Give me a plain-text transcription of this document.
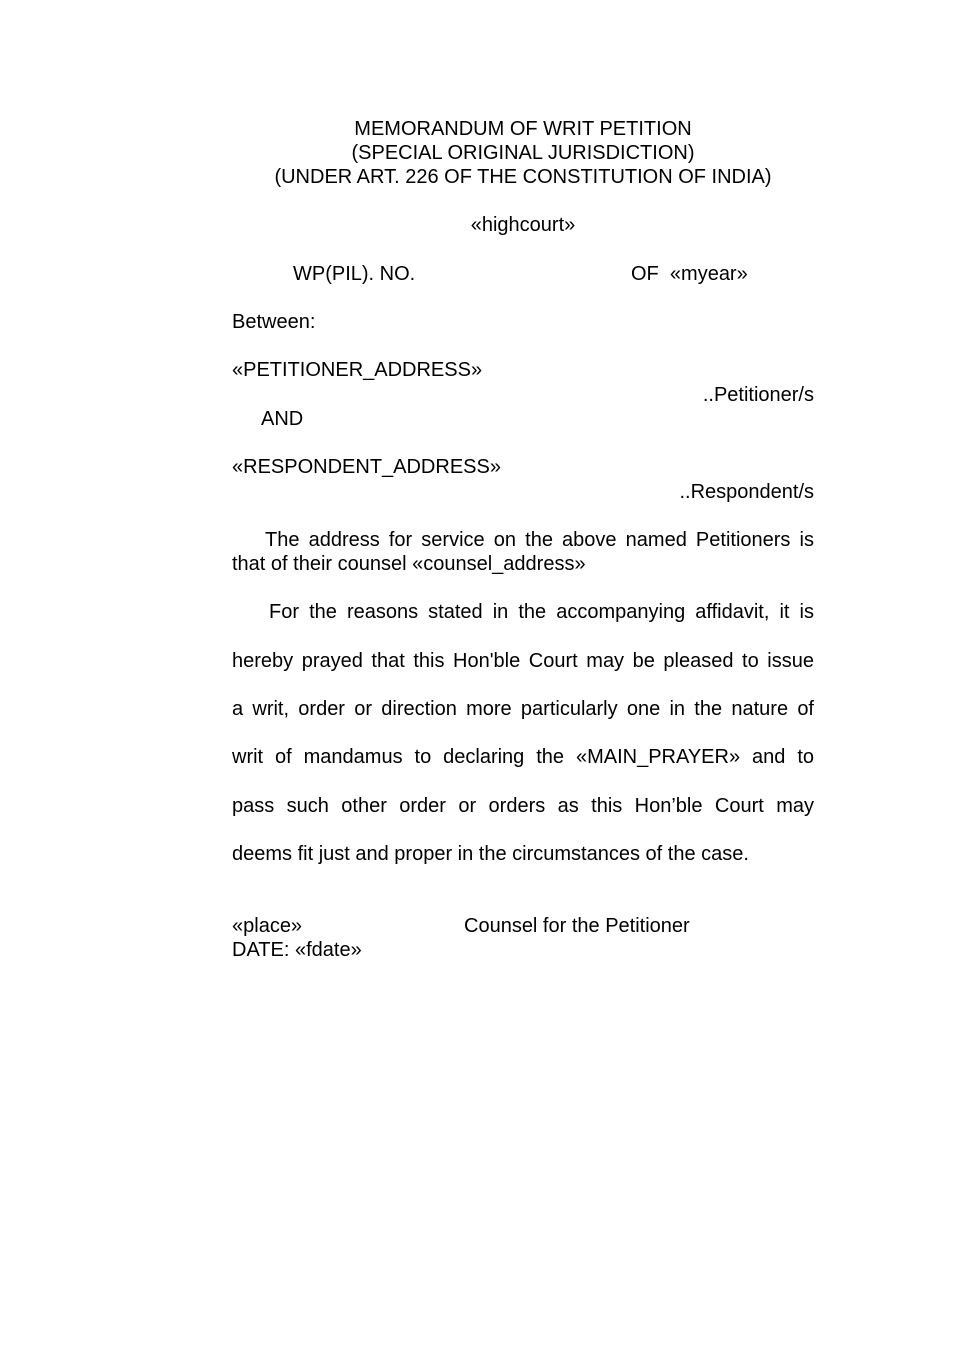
MEMORANDUM OF WRIT PETITION
(SPECIAL ORIGINAL JURISDICTION)
(UNDER ART. 226 OF THE CONSTITUTION OF INDIA)
«highcourt»
WP(PIL). NO.	OF «myear»
Between:
«PETITIONER_ADDRESS»
..Petitioner/s
AND
«RESPONDENT_ADDRESS»
..Respondent/s
The address for service on the above named Petitioners is
that of their counsel «counsel_address»
For the reasons stated in the accompanying affidavit, it is
hereby prayed that this Hon'ble Court may be pleased to issue
a writ, order or direction more particularly one in the nature of
writ of mandamus to declaring the «MAIN_PRAYER» and to
pass such other order or orders as this Hon’ble Court may
deems fit just and proper in the circumstances of the case.
«place»	Counsel for the Petitioner
DATE: «fdate»
